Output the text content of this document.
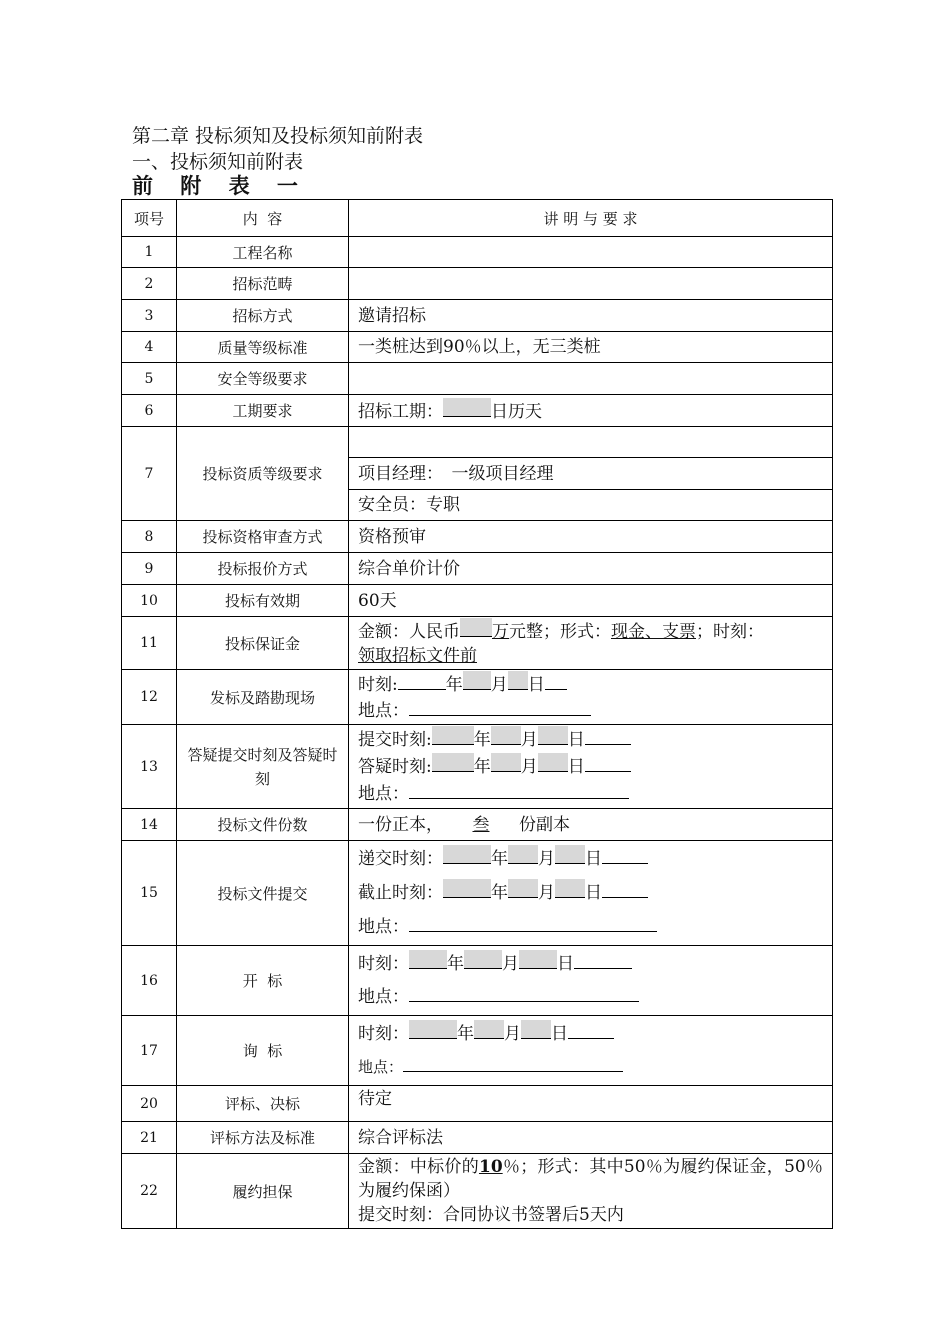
第二章 投标须知及投标须知前附表
一、投标须知前附表
前 附 表 一
项号	内  容	讲 明 与 要 求
1	工程名称	
2	招标范畴	
3	招标方式	邀请招标
4	质量等级标准	一类桩达到90％以上，无三类桩
5	安全等级要求	
6	工期要求	招标工期： 日历天
7	投标资质等级要求	
		项目经理：　一级项目经理
		安全员：专职
8	投标资格审查方式	资格预审
9	投标报价方式	综合单价计价
10	投标有效期	60天
11	投标保证金	金额：人民币 万元整；形式：现金、支票；时刻：
领取招标文件前
12	发标及踏勘现场	时刻: 年 月 日
地点：
13	答疑提交时刻及答疑时刻	提交时刻: 年 月 日
答疑时刻: 年 月 日
地点：
14	投标文件份数	一份正本， 叁 份副本
15	投标文件提交	递交时刻： 年 月 日
截止时刻： 年 月 日
地点：
16	开  标	时刻： 年 月 日
地点：
17	询  标	时刻： 年 月 日
地点：
20	评标、决标	待定
21	评标方法及标准	综合评标法
22	履约担保	金额：中标价的10％；形式：其中50％为履约保证金，50％为履约保函）
提交时刻：合同协议书签署后5天内
